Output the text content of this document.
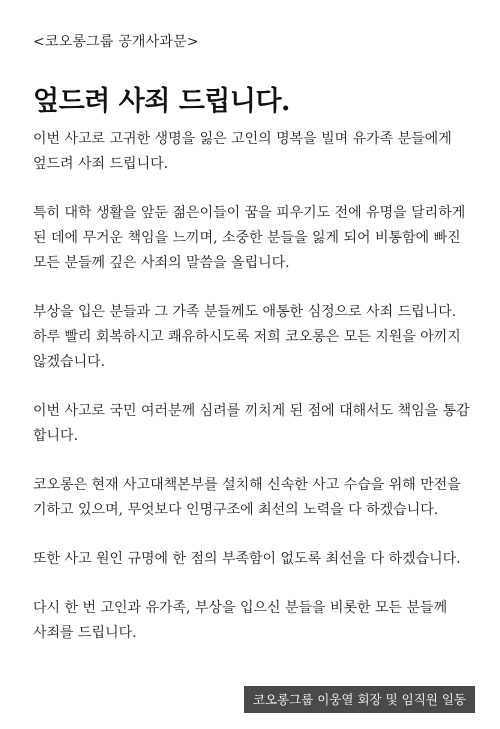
<코오롱그룹 공개사과문>
엎드려 사죄 드립니다.

이번 사고로 고귀한 생명을 잃은 고인의 명복을 빌며 유가족 분들에게
엎드려 사죄 드립니다.

특히 대학 생활을 앞둔 젊은이들이 꿈을 피우기도 전에 유명을 달리하게
된 데에 무거운 책임을 느끼며, 소중한 분들을 잃게 되어 비통함에 빠진
모든 분들께 깊은 사죄의 말씀을 올립니다.

부상을 입은 분들과 그 가족 분들께도 애통한 심정으로 사죄 드립니다.
하루 빨리 회복하시고 쾌유하시도록 저희 코오롱은 모든 지원을 아끼지
않겠습니다.

이번 사고로 국민 여러분께 심려를 끼치게 된 점에 대해서도 책임을 통감
합니다.

코오롱은 현재 사고대책본부를 설치해 신속한 사고 수습을 위해 만전을
기하고 있으며, 무엇보다 인명구조에 최선의 노력을 다 하겠습니다.

또한 사고 원인 규명에 한 점의 부족함이 없도록 최선을 다 하겠습니다.

다시 한 번 고인과 유가족, 부상을 입으신 분들을 비롯한 모든 분들께
사죄를 드립니다.

코오롱그룹 이웅열 회장 및 임직원 일동
